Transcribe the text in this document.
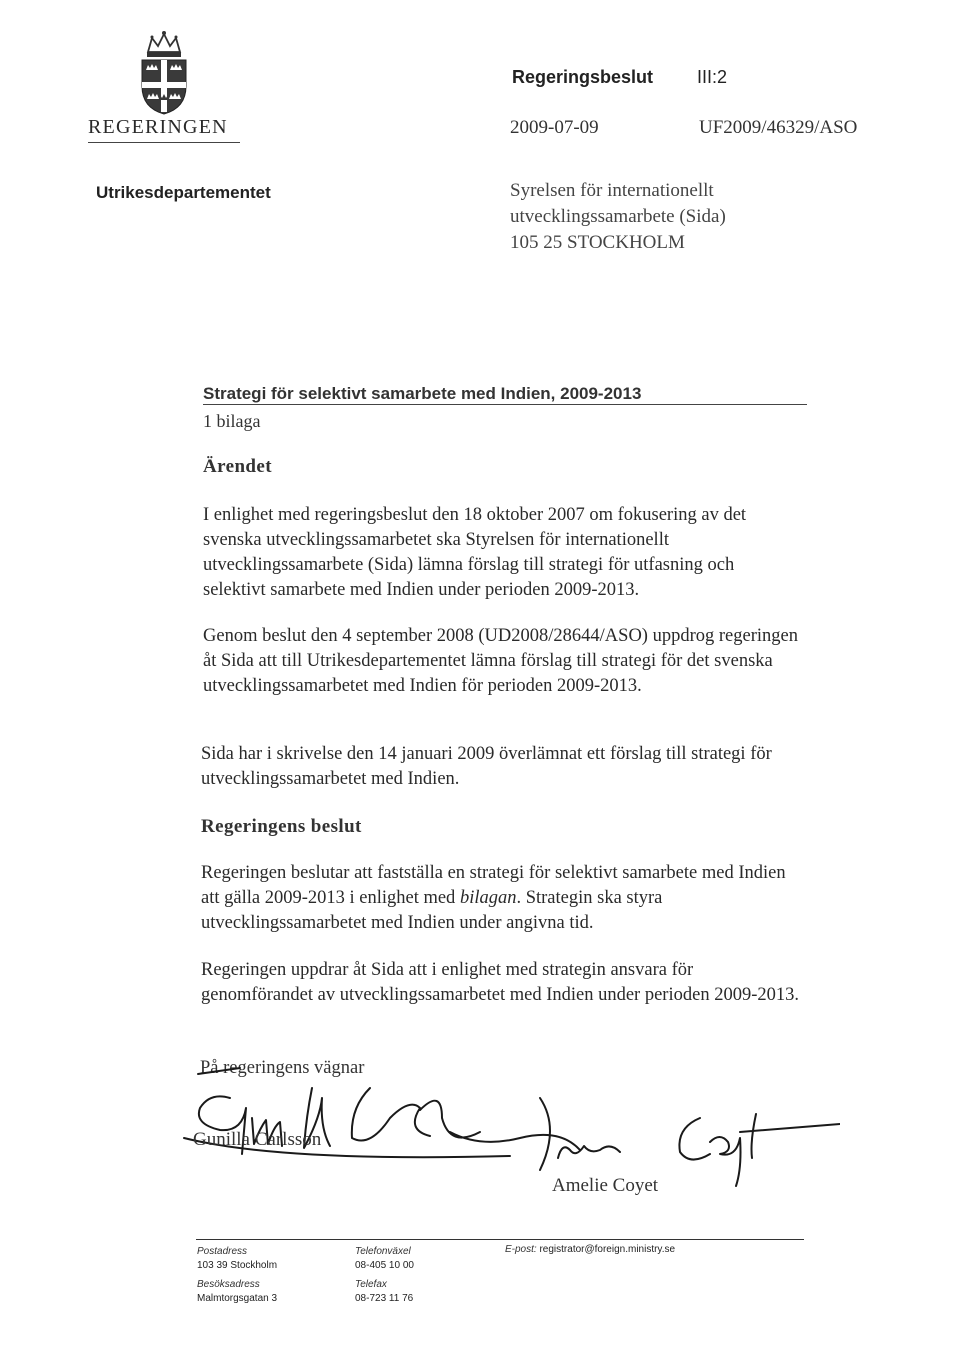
REGERINGEN
Regeringsbeslut III:2
2009-07-09	UF2009/46329/ASO
Utrikesdepartementet	Syrelsen för internationellt
utvecklingssamarbete (Sida)
105 25 STOCKHOLM
Strategi för selektivt samarbete med Indien, 2009-2013
1 bilaga
Ärendet
I enlighet med regeringsbeslut den 18 oktober 2007 om fokusering av det svenska utvecklingssamarbetet ska Styrelsen för internationellt utvecklingssamarbete (Sida) lämna förslag till strategi för utfasning och selektivt samarbete med Indien under perioden 2009-2013.
Genom beslut den 4 september 2008 (UD2008/28644/ASO) uppdrog regeringen åt Sida att till Utrikesdepartementet lämna förslag till strategi för det svenska utvecklingssamarbetet med Indien för perioden 2009-2013.
Sida har i skrivelse den 14 januari 2009 överlämnat ett förslag till strategi för utvecklingssamarbetet med Indien.
Regeringens beslut
Regeringen beslutar att fastställa en strategi för selektivt samarbete med Indien att gälla 2009-2013 i enlighet med bilagan. Strategin ska styra utvecklingssamarbetet med Indien under angivna tid.
Regeringen uppdrar åt Sida att i enlighet med strategin ansvara för genomförandet av utvecklingssamarbetet med Indien under perioden 2009-2013.
På regeringens vägnar
Gunilla Carlsson
Amelie Coyet
Postadress
103 39 Stockholm
Besöksadress
Malmtorgsgatan 3
Telefonväxel
08-405 10 00
Telefax
08-723 11 76
E-post: registrator@foreign.ministry.se
